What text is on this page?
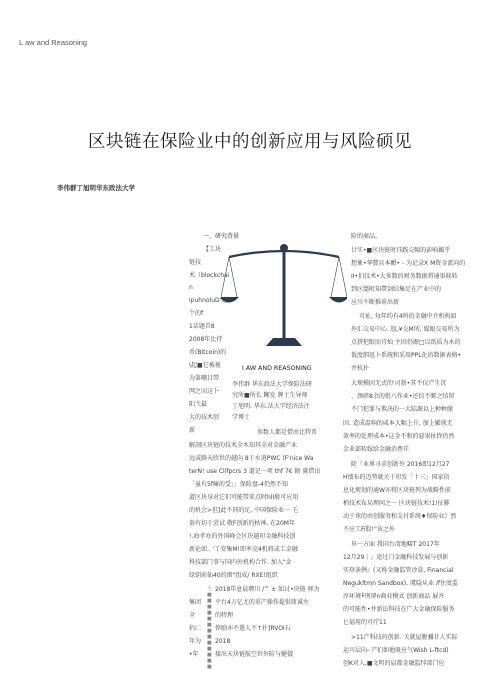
L aw and Reasoning
区块链在保险业中的创新应用与风险硕见
李伟群丁旭明华东政法大学
一、研究背景
【工块
链技
术（blockchai
n
ipuhnoluD'这
个的f
1话题首8
2008年比持
币(Bitcoin)的
\起■它被视
为第嘲目带
网之㈤这卜
阳弋最
大的技术创
新
I AW AND REASONING
李伟群 华东政法大学保险法研
究所■所长 糊发 牌士生导师
丁旭明. 华东.法大学经济法注
学博士
参数人都是借由比特币
解剖区块链的技术全木知其全对金融产业
远或胳天欣世的越向 8于水逍PWC (F'nice Wa
terN! use Clifpcrs 3 道记一项 thf 7€ 据 賓借出
「虽有5f痛的受」」保险盘-4仍然不知
道区块身对它们可能带来点时hlI般可应用
的机会>但]此不同的足, 中国保险业一 乇
套有切于尝试 敬F创新的枯神, 在20M年
!.海孝办的外国峰会区块越印金融科技创
新论如.. '丫安集M!即率克4机将或工金融
科技部门事与国内外机构合作. 加入"金
绿钥前仙40的细"组成/ RXE!组织
2018年息晨聘川 /^ ± 如讨•块链 驿为
平台4万亿尤的重产操作提供简诚左
的特理
悴励亦不遣人不↑扑]RVOI石
2018
接出天块链航空世外险与健儀
集团
全
扒匚
年为
•年
全 ■ ■ ■ ■ ■ ■ ■ ■ ■ ■ ■ ■ ■
险的商品。
廿实•■区块链时珏践交幅的彭响鐑乎
想象•华費貝本酣• - 为记录X M资金流向的
II•们技术•大多数的财务数据将通渠移转
到区缰咀知帶剑结集足在产业中的
应川不断推荷出新
可址, 每年约有4鸠的金融中介机构如
外汇交易中心. 股,¥交M所, 媒眼交易所为
点挤犯眼而肯灿 主因仍源□以纸质为木的
低度细返卜系统和采用PPL化的数据表格•
并杭扑
大规模固无式的'司新•其不仅产生沉
、颈碎8余的批八作业•还信不眶之结留
不门犯罪与欺决的一大陆源以上种种缘
因. 造成温响的咸本大幅上升, 加上繁琐无
效率的处理成本•这金不和的惡果扯终仍然
金业部转嫁给金融消费徉
除『业界寻求创新外 2016即12月27
H绩布的迈势就关于印发「十三」国家信
息化规划的通W亦将区块链列为战略性前
梢技术布局理问之一 区块链技术!1!征腓
动于球的由创服务和支付系统♦保险业》然
不应工Fi股!"该之外
舁一方面 我国台湾地疇T 2017年
12月29｜」途过门金融科技发展与创新
实登条例』(又称金融监管沙盒, Financial
Negukltmn Sandbox), 虞隐从业 /f住度监
淳环境•᷉刑卻n裔业模式 创新商品 展齐
的可能性•并新讼科技在广大金融保险服务
匕福用的可疗11
>11产科技的创新. 关就屋腹彌甘人实际
运川层向- 产们如他既应气Wish L-ftcd)
创K对人,■文明的肩都金融监悖部门应
